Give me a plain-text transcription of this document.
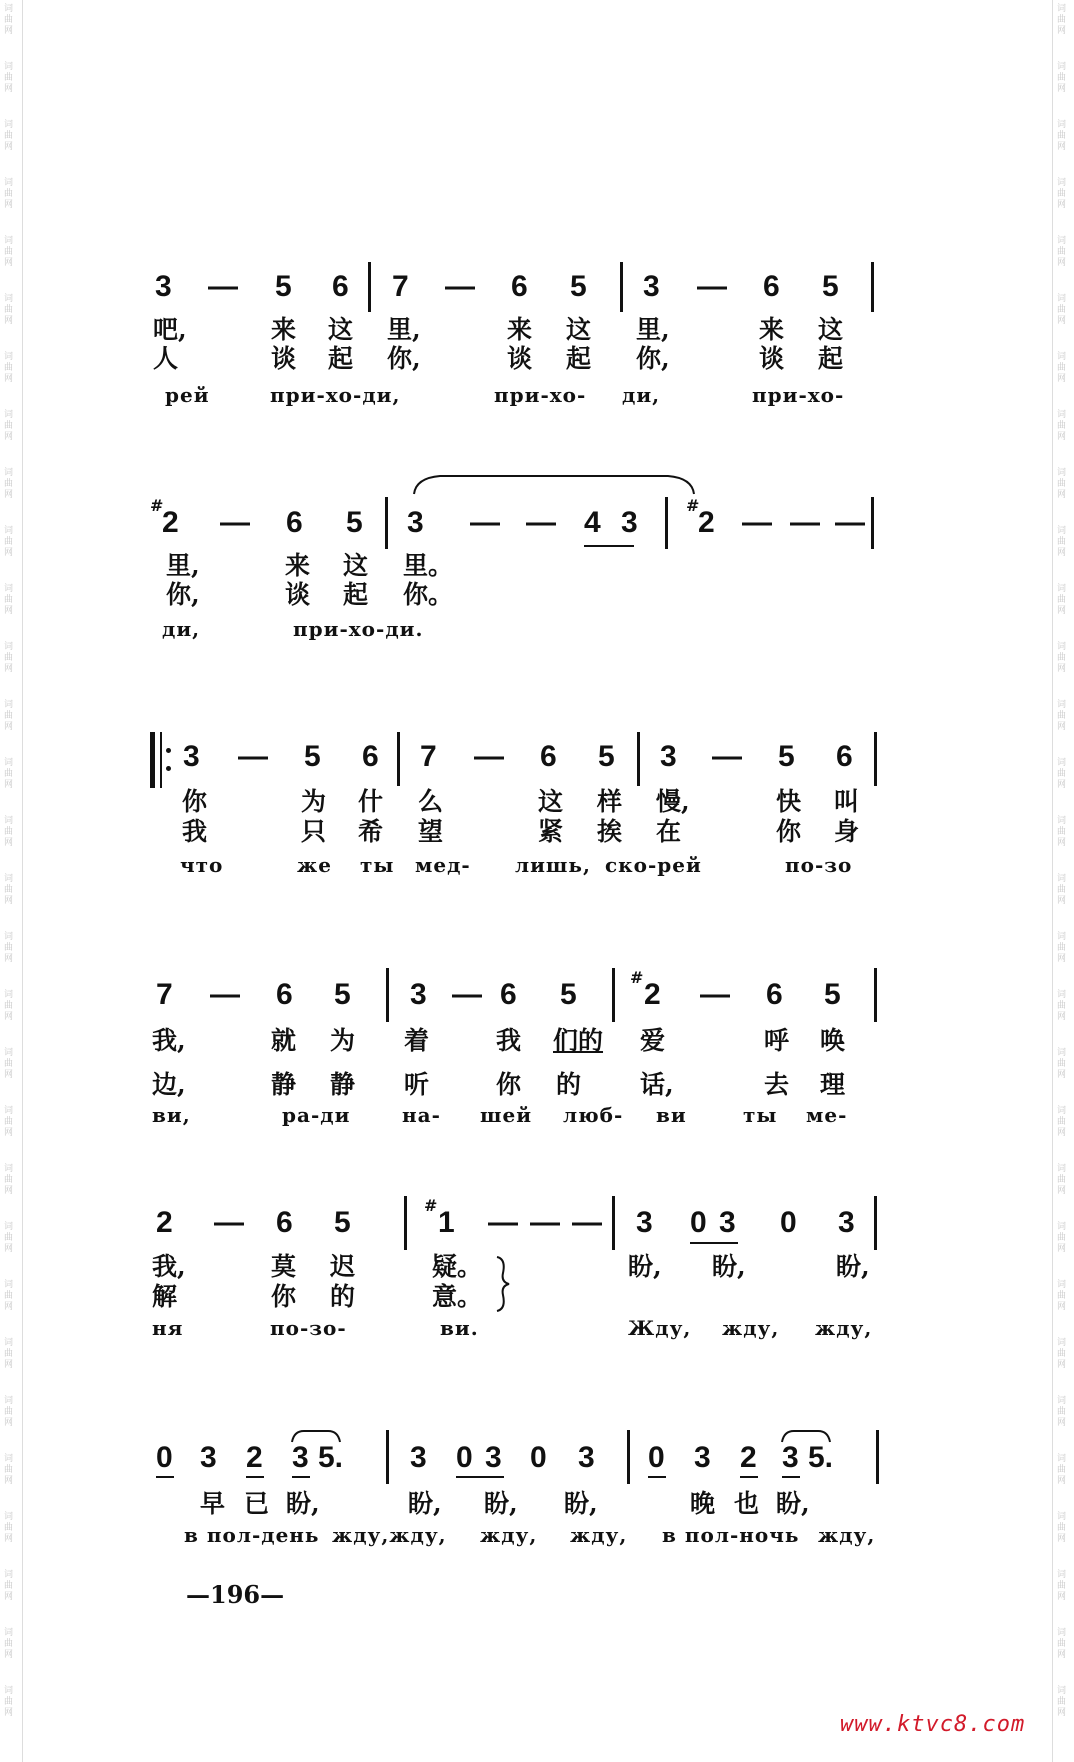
词
曲
网
词
曲
网
词
曲
网
词
曲
网
词
曲
网
词
曲
网
词
曲
网
词
曲
网
词
曲
网
词
曲
网
词
曲
网
词
曲
网
词
曲
网
词
曲
网
词
曲
网
词
曲
网
词
曲
网
词
曲
网
词
曲
网
词
曲
网
词
曲
网
词
曲
网
词
曲
网
词
曲
网
词
曲
网
词
曲
网
词
曲
网
词
曲
网
词
曲
网
词
曲
网
词
曲
网
词
曲
网
词
曲
网
词
曲
网
词
曲
网
词
曲
网
词
曲
网
词
曲
网
词
曲
网
词
曲
网
词
曲
网
词
曲
网
词
曲
网
词
曲
网
词
曲
网
词
曲
网
词
曲
网
词
曲
网
词
曲
网
词
曲
网
词
曲
网
词
曲
网
词
曲
网
词
曲
网
词
曲
网
词
曲
网
词
曲
网
词
曲
网
词
曲
网
词
曲
网
3 — 5 6 7 — 6 5 3 — 6 5
吧,	来 这 里,	来 这 里,	来 这
人	谈 起 你,	谈 起 你,	谈 起
рей	при-хо-ди,	при-хо- ди,	при-хо-
#
2 — 6 5 3 — — 4 3
#
2 — — —
里,	来 这 里。
你,	谈 起 你。
ди,	при-хо-ди.
3 — 5 6 7 — 6 5 3 — 5 6
你	为 什 么	这 样 慢,	快 叫
我	只 希 望	紧 挨 在	你 身
что	же ты мед- лишь, ско-рей	по-зо
7 — 6 5 3 — 6 5
#
2 — 6 5
我,	就 为 着	我 们的 爱	呼 唤
边,	静 静 听	你 的 话,	去 理
ви,	ра-ди	на- шей люб- ви	ты ме-
2 — 6 5
#
1 — — — 3 0 3 0 3
我,	莫 迟	疑。	盼, 盼,	盼,
解	你 的	意。
ня	по-зо-	ви.	Жду, жду, жду,
0 3 2 3 5. 3 0 3 0 3 0 3 2 3 5.
早 已 盼,	盼, 盼, 盼,	晚 也 盼,
в пол-день жду,жду, жду, жду, в пол-ночь жду,
—196—
www.ktvc8.com
